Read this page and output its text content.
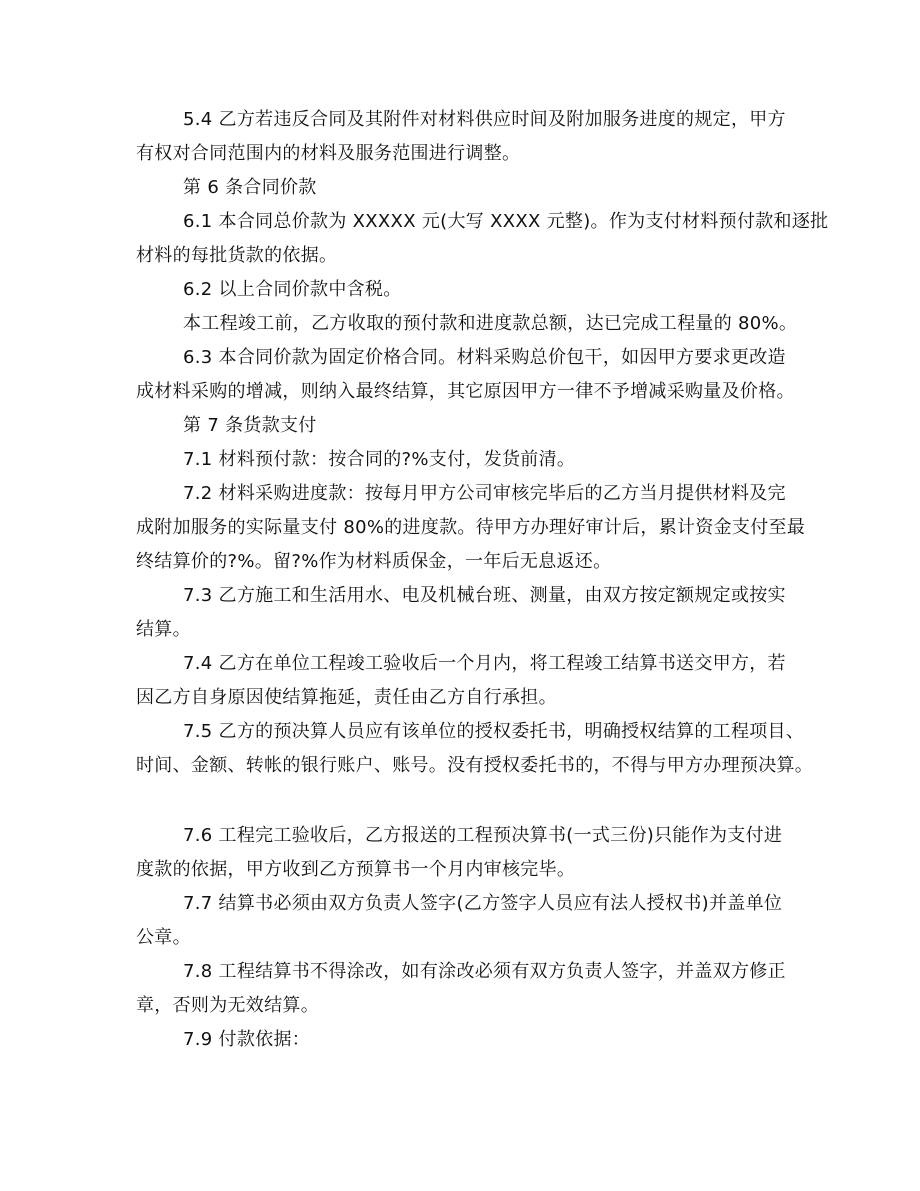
5.4 乙方若违反合同及其附件对材料供应时间及附加服务进度的规定，甲方
有权对合同范围内的材料及服务范围进行调整。
第 6 条合同价款
6.1 本合同总价款为 XXXXX 元(大写 XXXX 元整)。作为支付材料预付款和逐批
材料的每批货款的依据。
6.2 以上合同价款中含税。
本工程竣工前，乙方收取的预付款和进度款总额，达已完成工程量的 80%。
6.3 本合同价款为固定价格合同。材料采购总价包干，如因甲方要求更改造
成材料采购的增减，则纳入最终结算，其它原因甲方一律不予增减采购量及价格。
第 7 条货款支付
7.1 材料预付款：按合同的?%支付，发货前清。
7.2 材料采购进度款：按每月甲方公司审核完毕后的乙方当月提供材料及完
成附加服务的实际量支付 80%的进度款。待甲方办理好审计后，累计资金支付至最
终结算价的?%。留?%作为材料质保金，一年后无息返还。
7.3 乙方施工和生活用水、电及机械台班、测量，由双方按定额规定或按实
结算。
7.4 乙方在单位工程竣工验收后一个月内，将工程竣工结算书送交甲方，若
因乙方自身原因使结算拖延，责任由乙方自行承担。
7.5 乙方的预决算人员应有该单位的授权委托书，明确授权结算的工程项目、
时间、金额、转帐的银行账户、账号。没有授权委托书的，不得与甲方办理预决算。
7.6 工程完工验收后，乙方报送的工程预决算书(一式三份)只能作为支付进
度款的依据，甲方收到乙方预算书一个月内审核完毕。
7.7 结算书必须由双方负责人签字(乙方签字人员应有法人授权书)并盖单位
公章。
7.8 工程结算书不得涂改，如有涂改必须有双方负责人签字，并盖双方修正
章，否则为无效结算。
7.9 付款依据：
